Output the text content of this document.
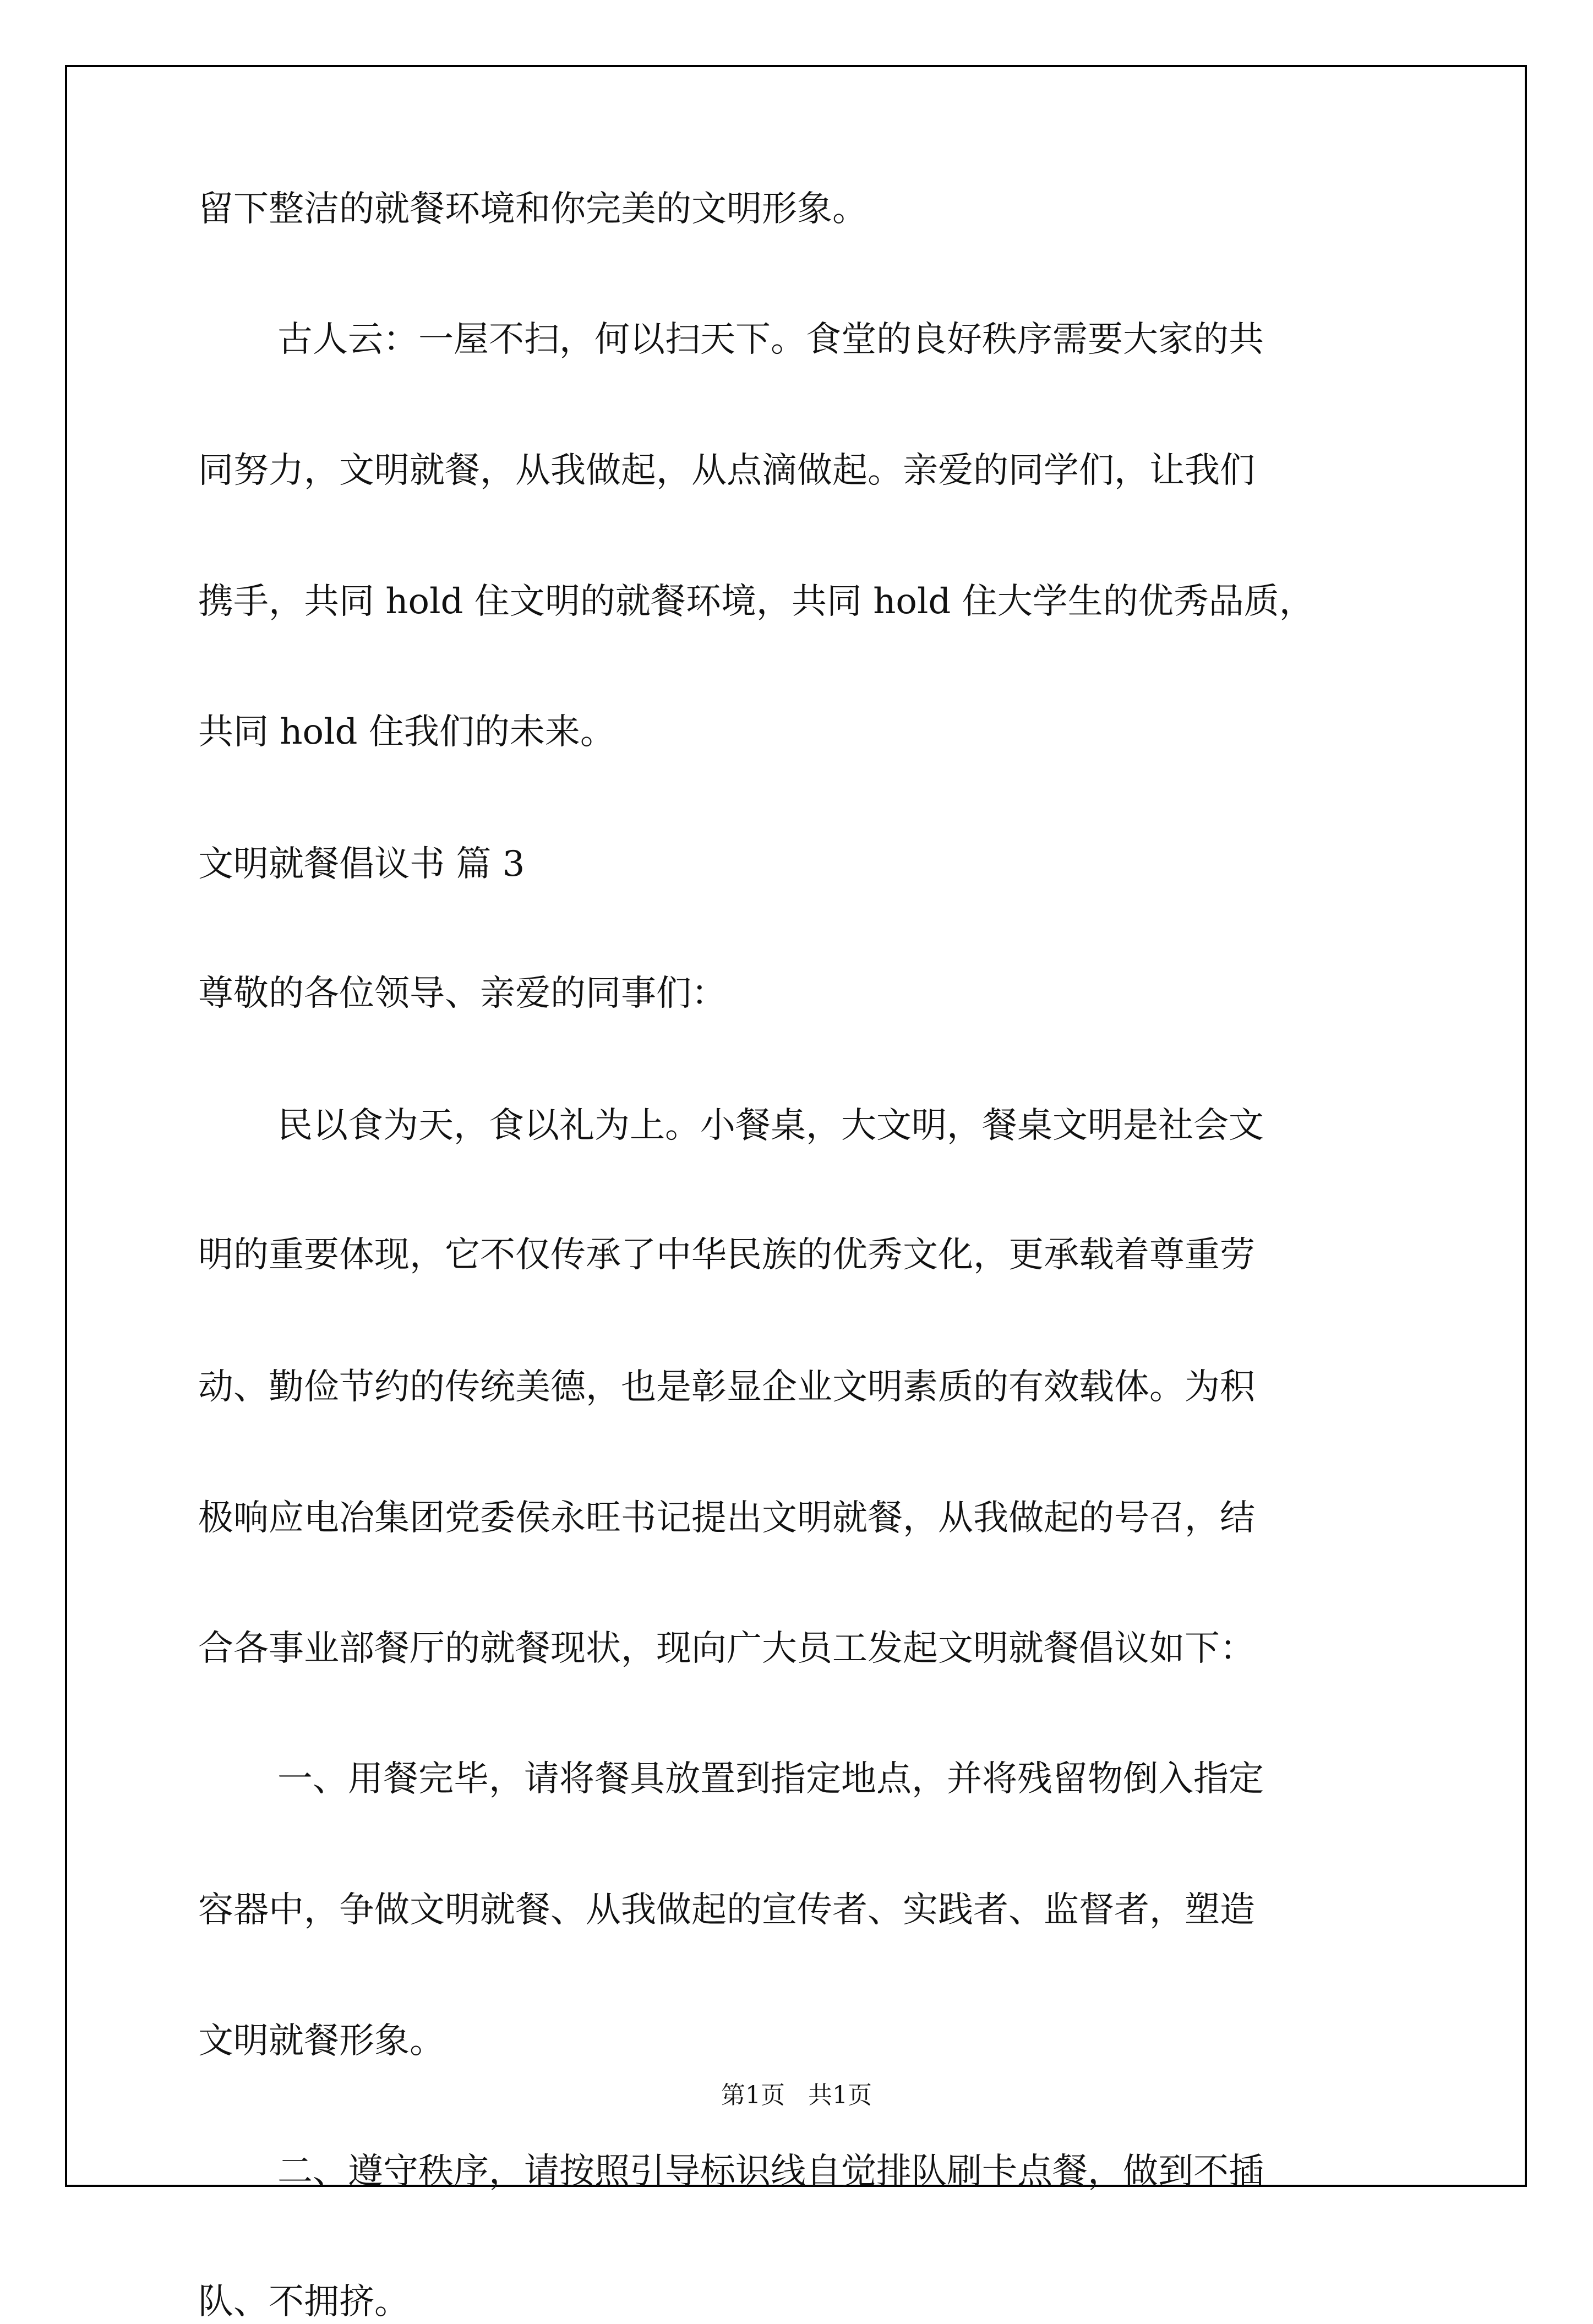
留下整洁的就餐环境和你完美的文明形象。
古人云：一屋不扫，何以扫天下。食堂的良好秩序需要大家的共
同努力，文明就餐，从我做起，从点滴做起。亲爱的同学们，让我们
携手，共同 hold 住文明的就餐环境，共同 hold 住大学生的优秀品质，
共同 hold 住我们的未来。
文明就餐倡议书 篇 3
尊敬的各位领导、亲爱的同事们：
民以食为天，食以礼为上。小餐桌，大文明，餐桌文明是社会文
明的重要体现，它不仅传承了中华民族的优秀文化，更承载着尊重劳
动、勤俭节约的传统美德，也是彰显企业文明素质的有效载体。为积
极响应电冶集团党委侯永旺书记提出文明就餐，从我做起的号召，结
合各事业部餐厅的就餐现状，现向广大员工发起文明就餐倡议如下：
一、用餐完毕，请将餐具放置到指定地点，并将残留物倒入指定
容器中，争做文明就餐、从我做起的宣传者、实践者、监督者，塑造
文明就餐形象。
二、遵守秩序，请按照引导标识线自觉排队刷卡点餐，做到不插
队、不拥挤。
第1页 共1页
